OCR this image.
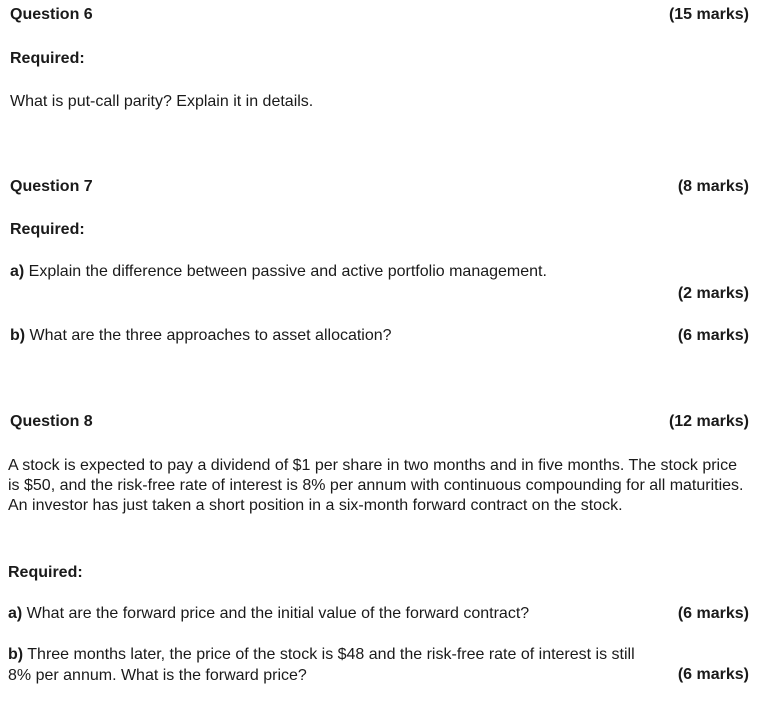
Question 6	(15 marks)
Required:
What is put-call parity? Explain it in details.
Question 7	(8 marks)
Required:
a) Explain the difference between passive and active portfolio management.
(2 marks)
b) What are the three approaches to asset allocation?	(6 marks)
Question 8	(12 marks)
A stock is expected to pay a dividend of $1 per share in two months and in five months. The stock price is $50, and the risk-free rate of interest is 8% per annum with continuous compounding for all maturities. An investor has just taken a short position in a six-month forward contract on the stock.
Required:
a) What are the forward price and the initial value of the forward contract?	(6 marks)
b) Three months later, the price of the stock is $48 and the risk-free rate of interest is still
8% per annum. What is the forward price?	(6 marks)
